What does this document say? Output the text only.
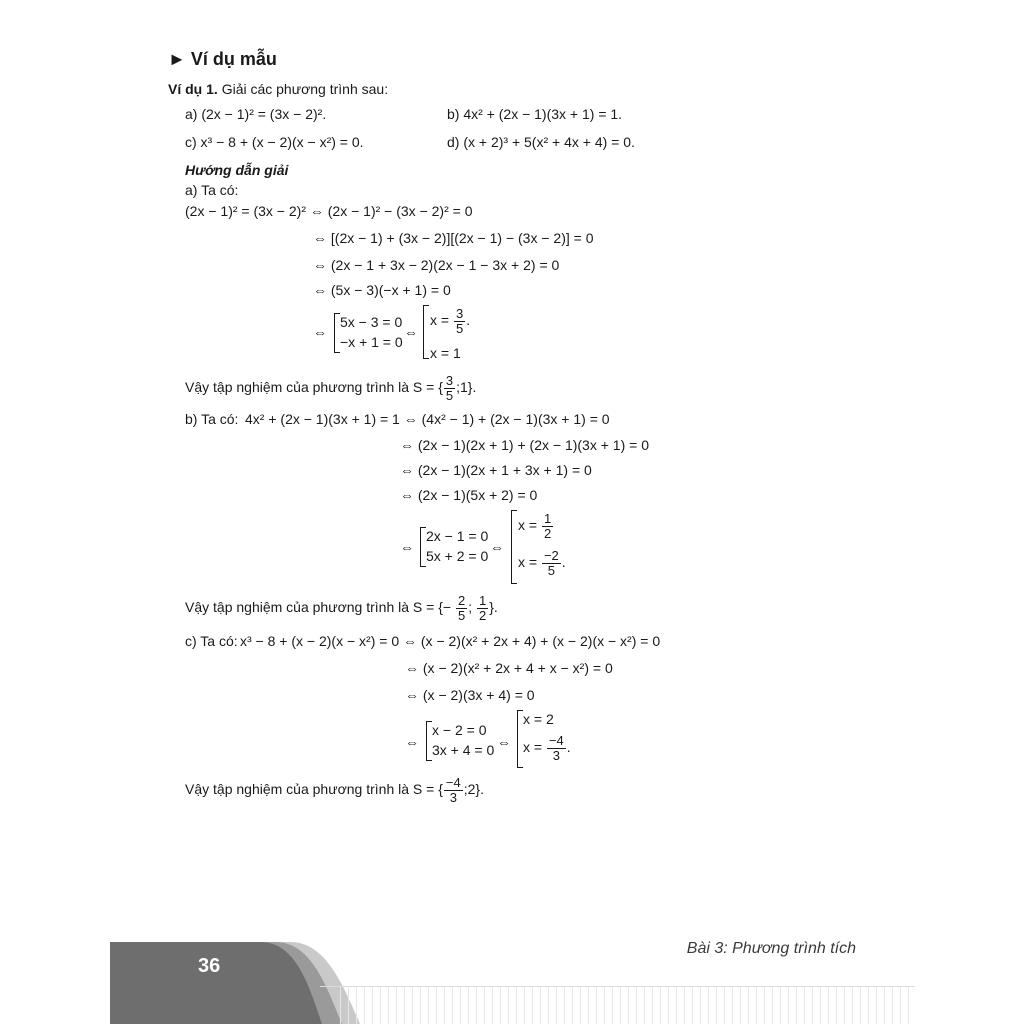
► Ví dụ mẫu
Ví dụ 1. Giải các phương trình sau:
a) (2x − 1)² = (3x − 2)².	b) 4x² + (2x − 1)(3x + 1) = 1.
c) x³ − 8 + (x − 2)(x − x²) = 0.	d) (x + 2)³ + 5(x² + 4x + 4) = 0.
Hướng dẫn giải
a) Ta có:
(2x − 1)² = (3x − 2)² ⇔ (2x − 1)² − (3x − 2)² = 0
⇔ [(2x − 1) + (3x − 2)][(2x − 1) − (3x − 2)] = 0
⇔ (2x − 1 + 3x − 2)(2x − 1 − 3x + 2) = 0
⇔ (5x − 3)(−x + 1) = 0
⇔
5x − 3 = 0
−x + 1 = 0
⇔
$x = \frac{3}{5}$ .
x = 1
Vậy tập nghiệm của phương trình là S = { $\frac{3}{5}$ ;1}.
b) Ta có: 4x² + (2x − 1)(3x + 1) = 1 ⇔ (4x² − 1) + (2x − 1)(3x + 1) = 0
⇔ (2x − 1)(2x + 1) + (2x − 1)(3x + 1) = 0
⇔ (2x − 1)(2x + 1 + 3x + 1) = 0
⇔ (2x − 1)(5x + 2) = 0
⇔
2x − 1 = 0
5x + 2 = 0
⇔
$x = \frac{1}{2}$
$x = \frac{-2}{5}$ .
Vậy tập nghiệm của phương trình là S = {− $\frac{2}{5}$ ; $\frac{1}{2}$ }.
c) Ta có: x³ − 8 + (x − 2)(x − x²) = 0 ⇔ (x − 2)(x² + 2x + 4) + (x − 2)(x − x²) = 0
⇔ (x − 2)(x² + 2x + 4 + x − x²) = 0
⇔ (x − 2)(3x + 4) = 0
⇔
x − 2 = 0
3x + 4 = 0 ⇔
x = 2
$x = \frac{-4}{3}$ .
Vậy tập nghiệm của phương trình là S = { $\frac{-4}{3}$ ;2}.
36
Bài 3: Phương trình tích
